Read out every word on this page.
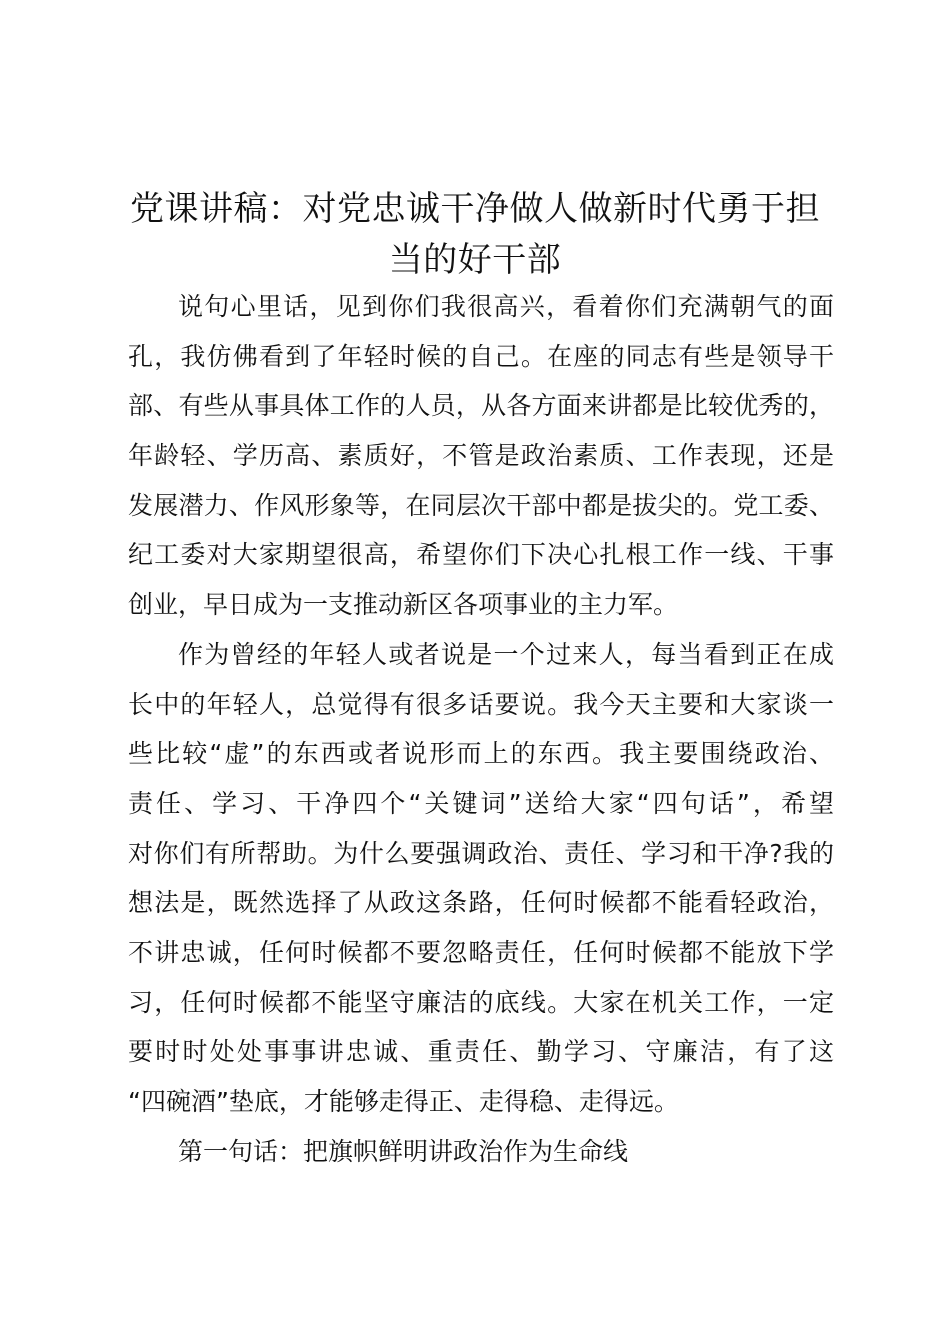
党课讲稿：对党忠诚干净做人做新时代勇于担
当的好干部
说句心里话，见到你们我很高兴，看着你们充满朝气的面
孔，我仿佛看到了年轻时候的自己。在座的同志有些是领导干
部、有些从事具体工作的人员，从各方面来讲都是比较优秀的，
年龄轻、学历高、素质好，不管是政治素质、工作表现，还是
发展潜力、作风形象等，在同层次干部中都是拔尖的。党工委、
纪工委对大家期望很高，希望你们下决心扎根工作一线、干事
创业，早日成为一支推动新区各项事业的主力军。
作为曾经的年轻人或者说是一个过来人，每当看到正在成
长中的年轻人，总觉得有很多话要说。我今天主要和大家谈一
些比较“虚”的东西或者说形而上的东西。我主要围绕政治、
责任、学习、干净四个“关键词”送给大家“四句话”，希望
对你们有所帮助。为什么要强调政治、责任、学习和干净?我的
想法是，既然选择了从政这条路，任何时候都不能看轻政治，
不讲忠诚，任何时候都不要忽略责任，任何时候都不能放下学
习，任何时候都不能坚守廉洁的底线。大家在机关工作，一定
要时时处处事事讲忠诚、重责任、勤学习、守廉洁，有了这
“四碗酒”垫底，才能够走得正、走得稳、走得远。
第一句话：把旗帜鲜明讲政治作为生命线
